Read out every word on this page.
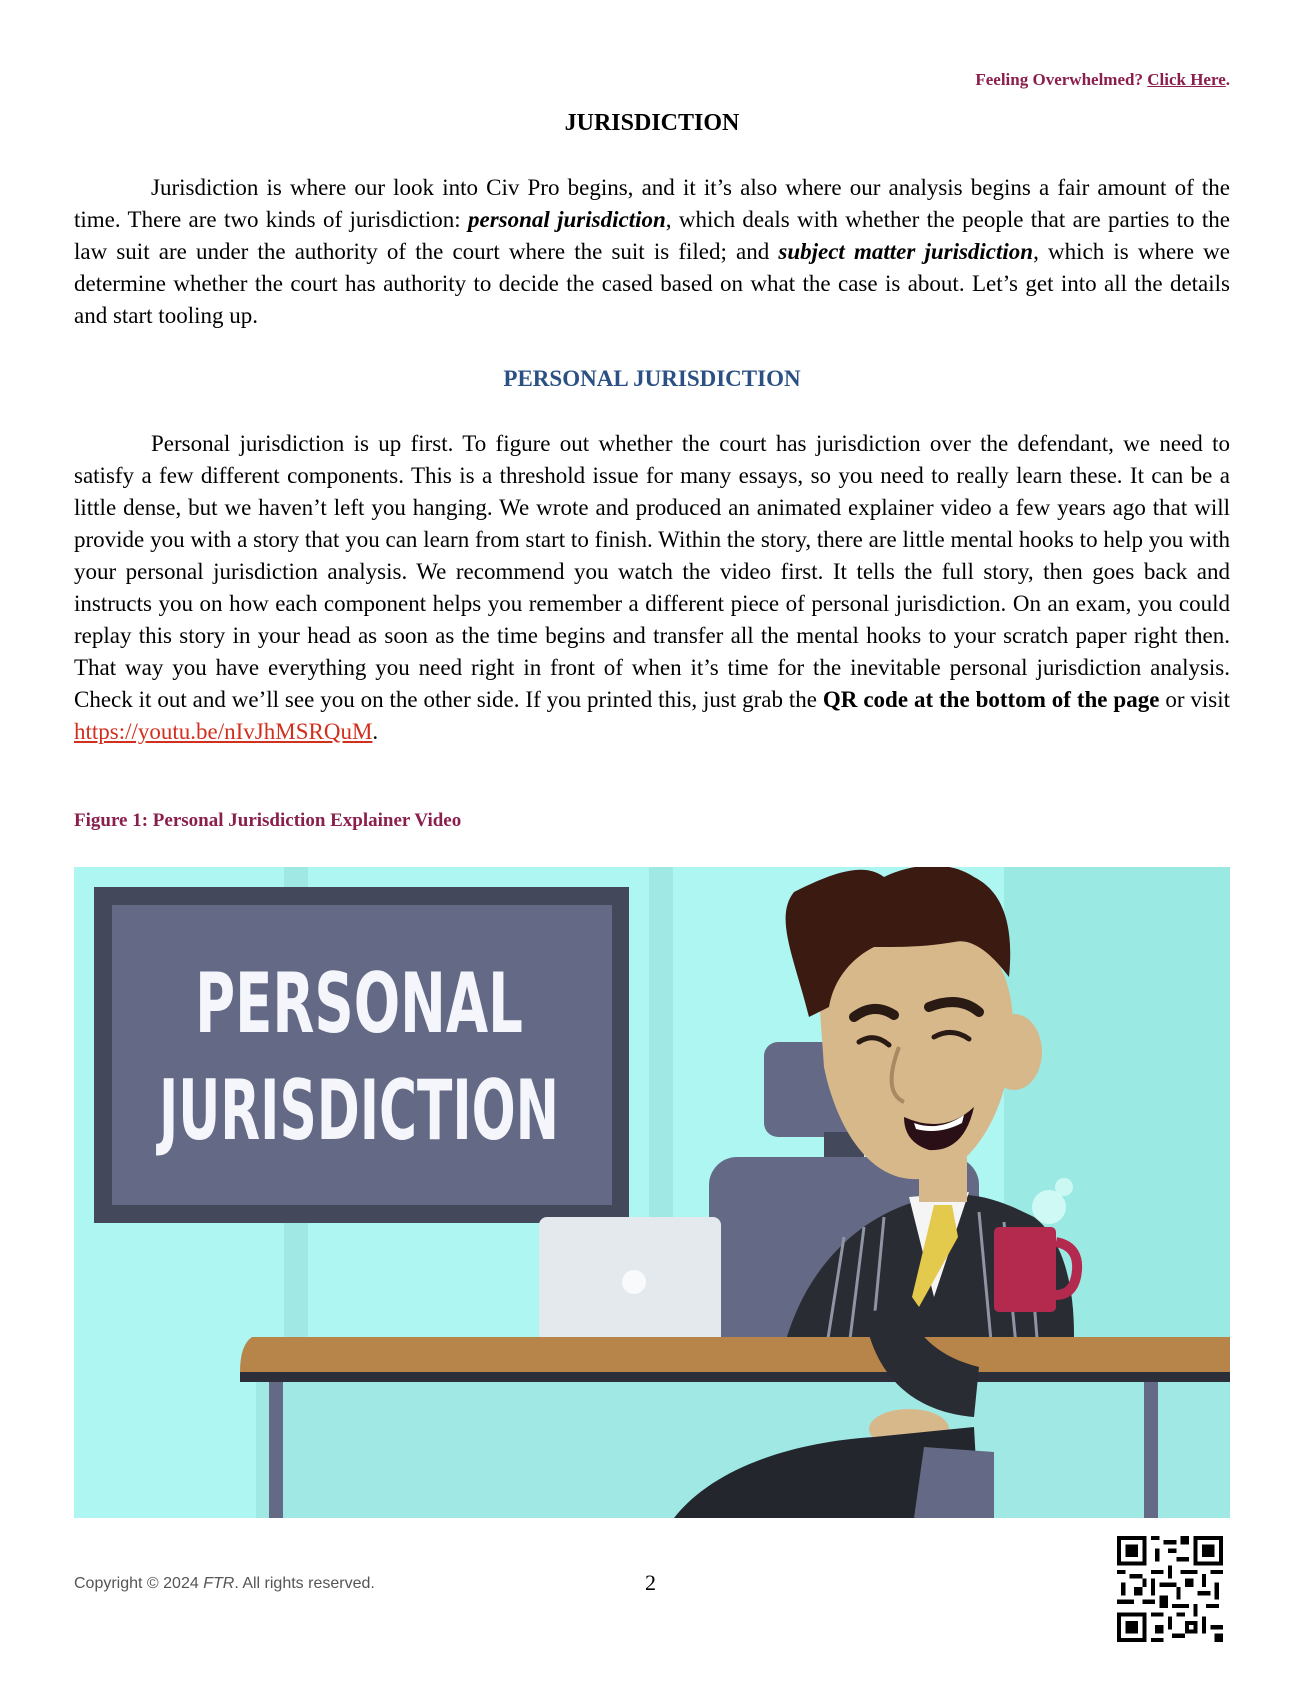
Feeling Overwhelmed? Click Here.
JURISDICTION
Jurisdiction is where our look into Civ Pro begins, and it it’s also where our analysis begins a fair amount of the time. There are two kinds of jurisdiction: personal jurisdiction, which deals with whether the people that are parties to the law suit are under the authority of the court where the suit is filed; and subject matter jurisdiction, which is where we determine whether the court has authority to decide the cased based on what the case is about. Let’s get into all the details and start tooling up.
PERSONAL JURISDICTION
Personal jurisdiction is up first. To figure out whether the court has jurisdiction over the defendant, we need to satisfy a few different components. This is a threshold issue for many essays, so you need to really learn these. It can be a little dense, but we haven’t left you hanging. We wrote and produced an animated explainer video a few years ago that will provide you with a story that you can learn from start to finish. Within the story, there are little mental hooks to help you with your personal jurisdiction analysis. We recommend you watch the video first. It tells the full story, then goes back and instructs you on how each component helps you remember a different piece of personal jurisdiction. On an exam, you could replay this story in your head as soon as the time begins and transfer all the mental hooks to your scratch paper right then. That way you have everything you need right in front of when it’s time for the inevitable personal jurisdiction analysis. Check it out and we’ll see you on the other side. If you printed this, just grab the QR code at the bottom of the page or visit https://youtu.be/nIvJhMSRQuM.
Figure 1: Personal Jurisdiction Explainer Video
PERSONAL
JURISDICTION
Copyright © 2024 FTR. All rights reserved.	2
